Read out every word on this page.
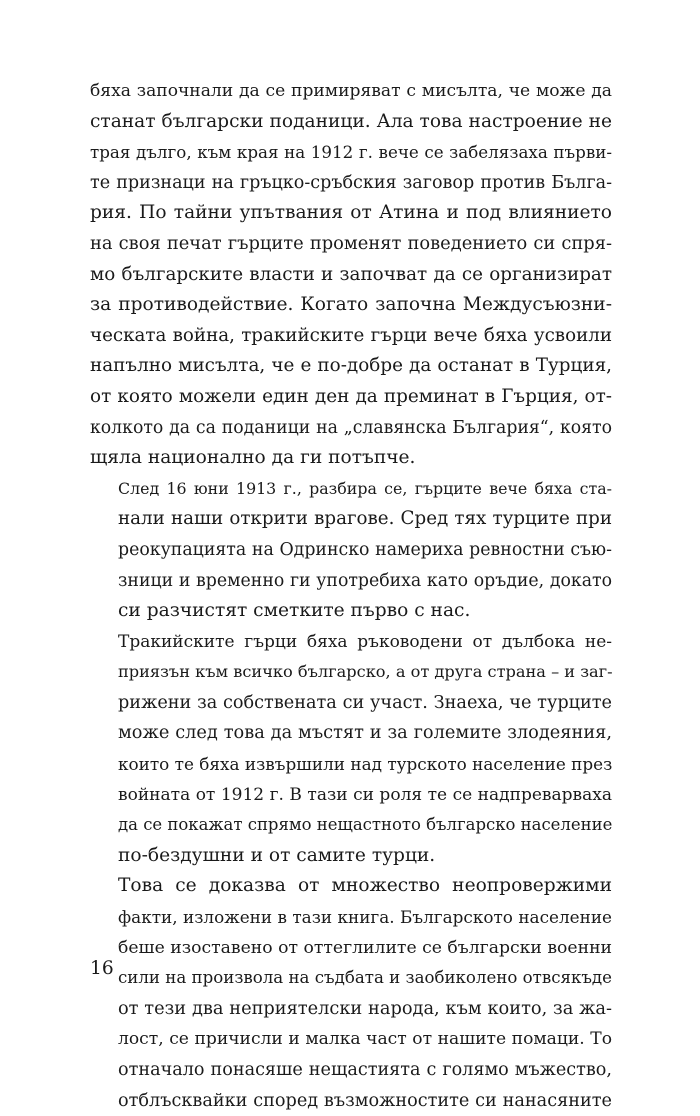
бяха започнали да се примиряват с мисълта, че може да
станат български поданици. Ала това настроение не
трая дълго, към края на 1912 г. вече се забелязаха първи-
те признаци на гръцко-сръбския заговор против Бълга-
рия. По тайни упътвания от Атина и под влиянието
на своя печат гърците променят поведението си спря-
мо българските власти и започват да се организират
за противодействие. Когато започна Междусъюзни-
ческата война, тракийските гърци вече бяха усвоили
напълно мисълта, че е по-добре да останат в Турция,
от която можели един ден да преминат в Гърция, от-
колкото да са поданици на „славянска България“, която
щяла национално да ги потъпче.
След 16 юни 1913 г., разбира се, гърците вече бяха ста-
нали наши открити врагове. Сред тях турците при
реокупацията на Одринско намериха ревностни съю-
зници и временно ги употребиха като оръдие, докато
си разчистят сметките първо с нас.
Тракийските гърци бяха ръководени от дълбока не-
приязън към всичко българско, а от друга страна – и заг-
рижени за собствената си участ. Знаеха, че турците
може след това да мъстят и за големите злодеяния,
които те бяха извършили над турското население през
войната от 1912 г. В тази си роля те се надпреварваха
да се покажат спрямо нещастното българско население
по-бездушни и от самите турци.
Това се доказва от множество неопровержими
факти, изложени в тази книга. Българското население
беше изоставено от оттеглилите се български военни
сили на произвола на съдбата и заобиколено отвсякъде
от тези два неприятелски народа, към които, за жа-
лост, се причисли и малка част от нашите помаци. То
отначало понасяше нещастията с голямо мъжество,
отблъсквайки според възможностите си нанасяните
16
